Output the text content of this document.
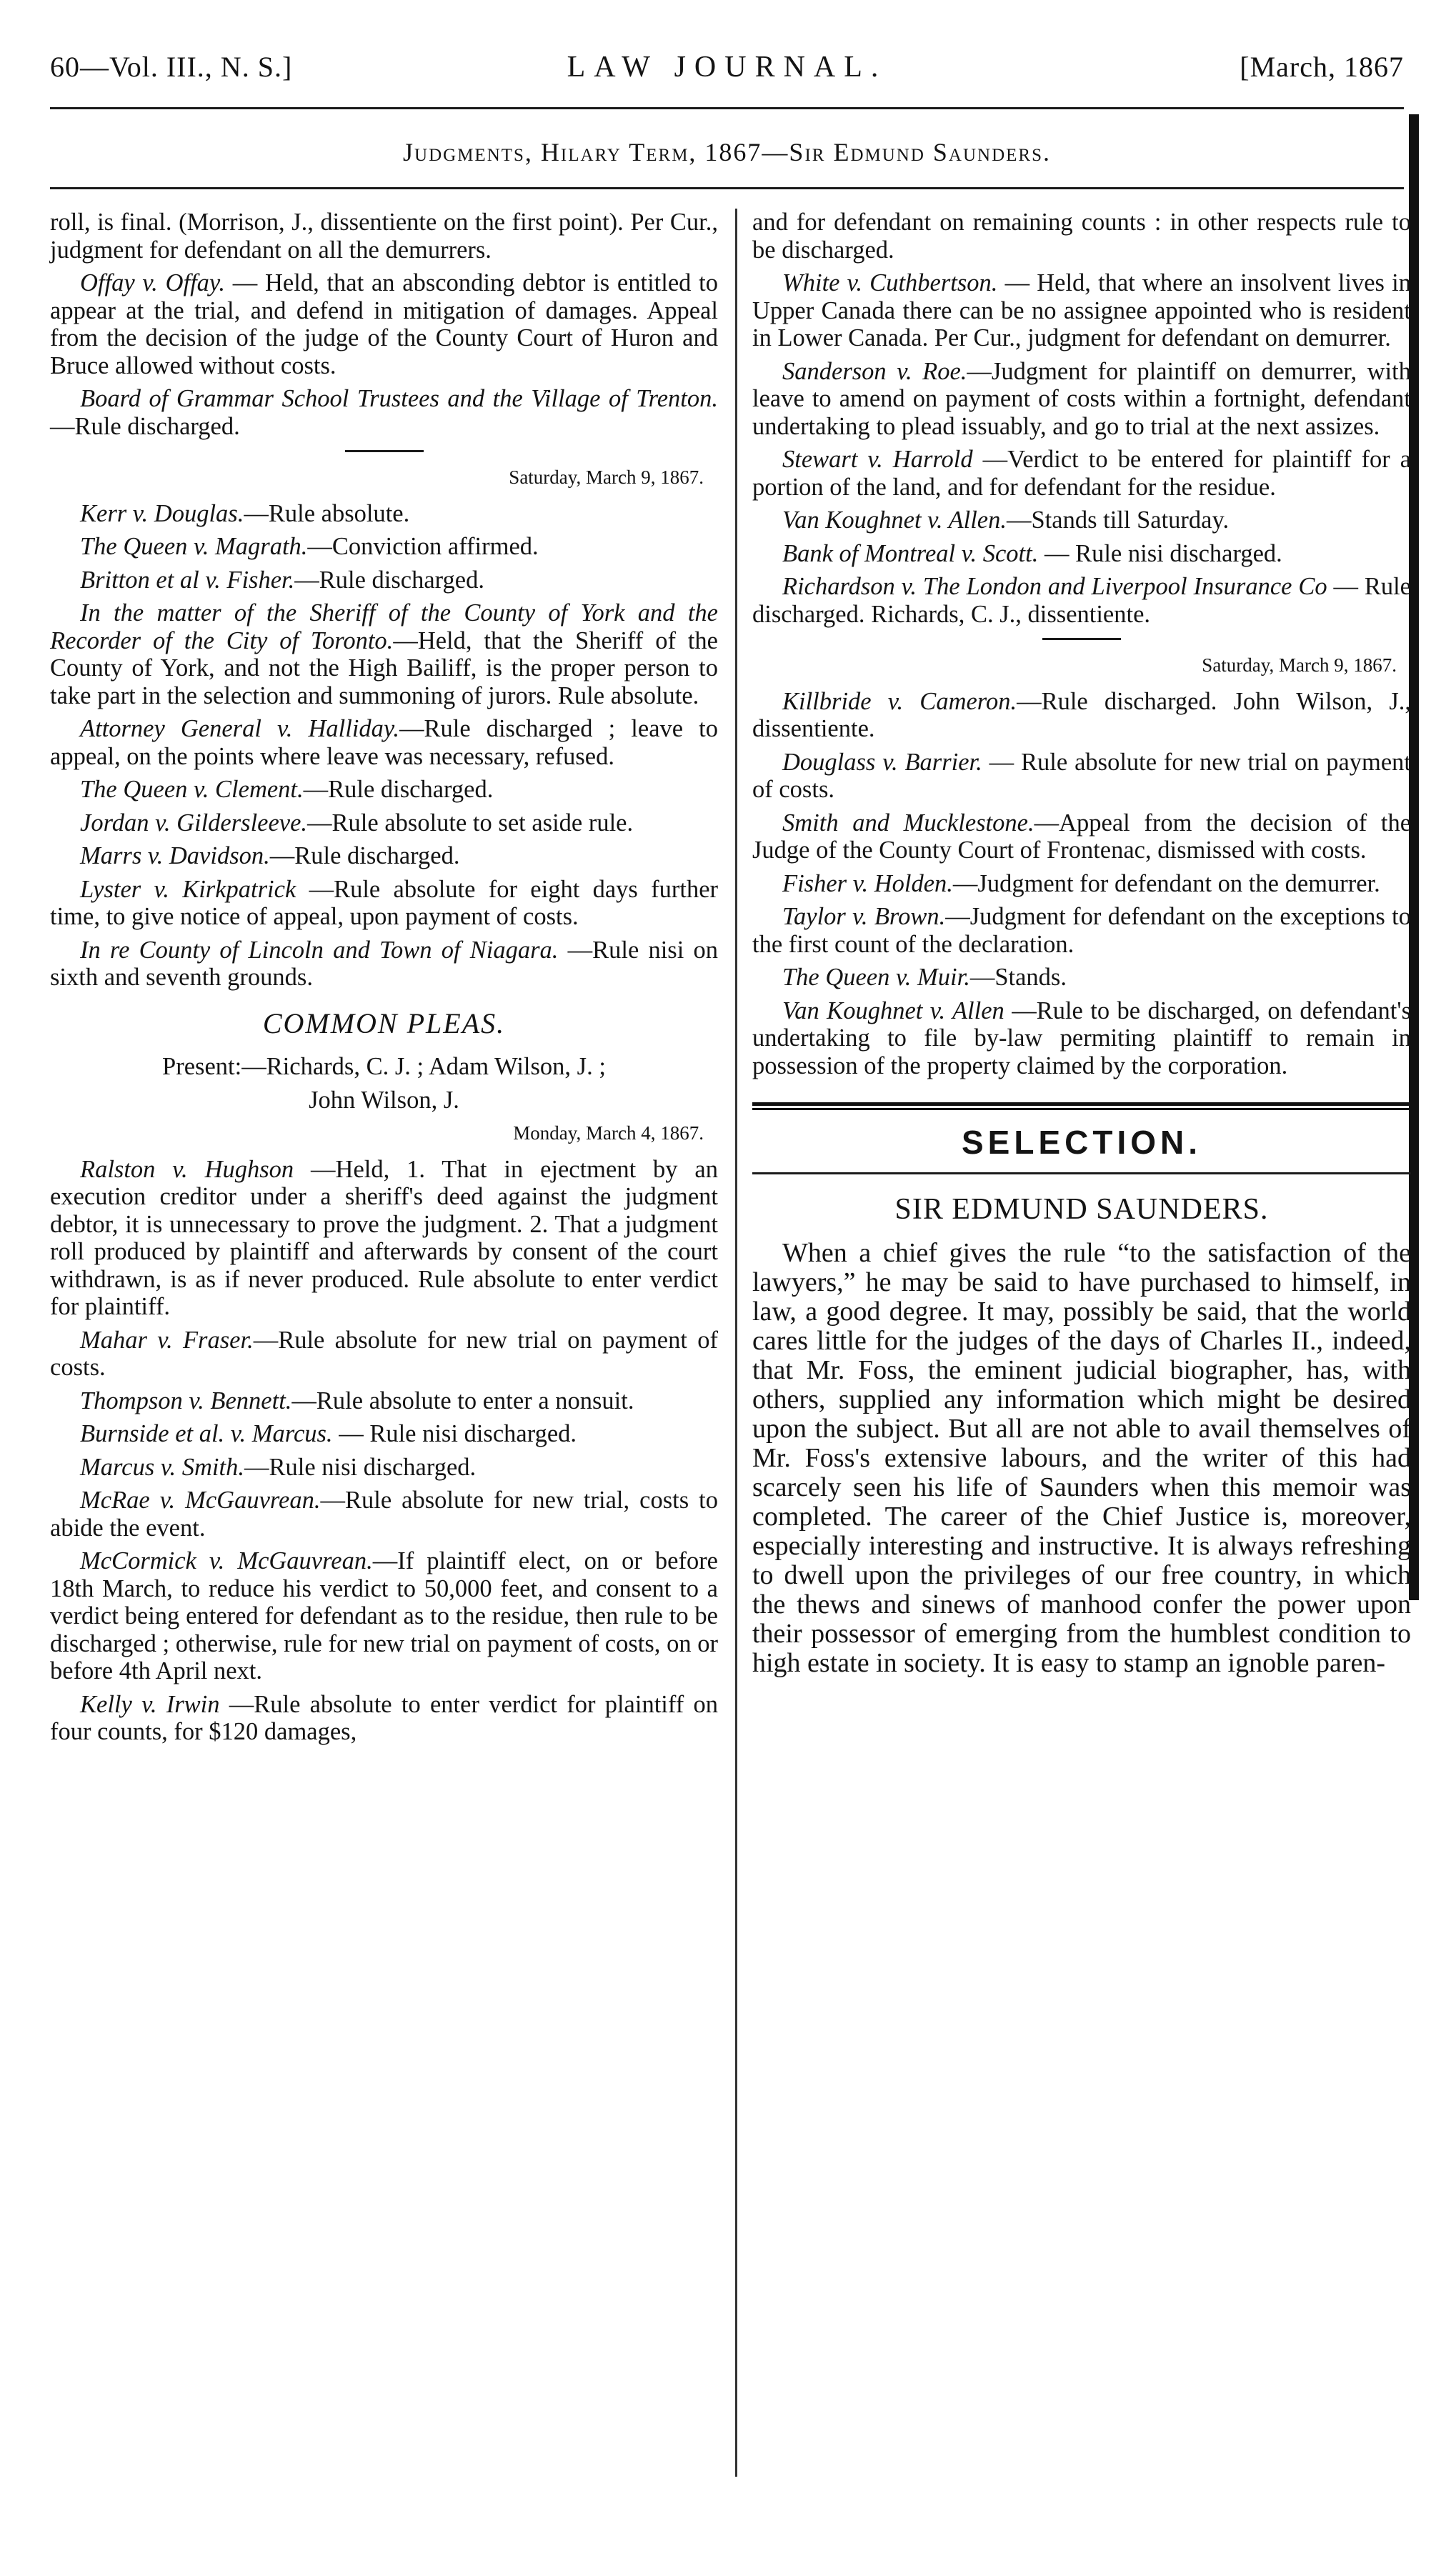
60—Vol. III., N. S.]	LAW JOURNAL.	[March, 1867
Judgments, Hilary Term, 1867—Sir Edmund Saunders.

roll, is final. (Morrison, J., dissentiente on the first point). Per Cur., judgment for defendant on all the demurrers.

Offay v. Offay. — Held, that an absconding debtor is entitled to appear at the trial, and defend in mitigation of damages. Appeal from the decision of the judge of the County Court of Huron and Bruce allowed without costs.

Board of Grammar School Trustees and the Village of Trenton.—Rule discharged.

Saturday, March 9, 1867.

Kerr v. Douglas.—Rule absolute.

The Queen v. Magrath.—Conviction affirmed.

Britton et al v. Fisher.—Rule discharged.

In the matter of the Sheriff of the County of York and the Recorder of the City of Toronto.—Held, that the Sheriff of the County of York, and not the High Bailiff, is the proper person to take part in the selection and summoning of jurors. Rule absolute.

Attorney General v. Halliday.—Rule discharged ; leave to appeal, on the points where leave was necessary, refused.

The Queen v. Clement.—Rule discharged.

Jordan v. Gildersleeve.—Rule absolute to set aside rule.

Marrs v. Davidson.—Rule discharged.

Lyster v. Kirkpatrick —Rule absolute for eight days further time, to give notice of appeal, upon payment of costs.

In re County of Lincoln and Town of Niagara. —Rule nisi on sixth and seventh grounds.

COMMON PLEAS.
Present:—Richards, C. J. ; Adam Wilson, J. ;
John Wilson, J.
Monday, March 4, 1867.

Ralston v. Hughson —Held, 1. That in ejectment by an execution creditor under a sheriff's deed against the judgment debtor, it is unnecessary to prove the judgment. 2. That a judgment roll produced by plaintiff and afterwards by consent of the court withdrawn, is as if never produced. Rule absolute to enter verdict for plaintiff.

Mahar v. Fraser.—Rule absolute for new trial on payment of costs.

Thompson v. Bennett.—Rule absolute to enter a nonsuit.

Burnside et al. v. Marcus. — Rule nisi discharged.

Marcus v. Smith.—Rule nisi discharged.

McRae v. McGauvrean.—Rule absolute for new trial, costs to abide the event.

McCormick v. McGauvrean.—If plaintiff elect, on or before 18th March, to reduce his verdict to 50,000 feet, and consent to a verdict being entered for defendant as to the residue, then rule to be discharged ; otherwise, rule for new trial on payment of costs, on or before 4th April next.

Kelly v. Irwin —Rule absolute to enter verdict for plaintiff on four counts, for $120 damages,

and for defendant on remaining counts : in other respects rule to be discharged.

White v. Cuthbertson. — Held, that where an insolvent lives in Upper Canada there can be no assignee appointed who is resident in Lower Canada. Per Cur., judgment for defendant on demurrer.

Sanderson v. Roe.—Judgment for plaintiff on demurrer, with leave to amend on payment of costs within a fortnight, defendant undertaking to plead issuably, and go to trial at the next assizes.

Stewart v. Harrold —Verdict to be entered for plaintiff for a portion of the land, and for defendant for the residue.

Van Koughnet v. Allen.—Stands till Saturday.

Bank of Montreal v. Scott. — Rule nisi discharged.

Richardson v. The London and Liverpool Insurance Co — Rule discharged. Richards, C. J., dissentiente.

Saturday, March 9, 1867.

Killbride v. Cameron.—Rule discharged. John Wilson, J., dissentiente.

Douglass v. Barrier. — Rule absolute for new trial on payment of costs.

Smith and Mucklestone.—Appeal from the decision of the Judge of the County Court of Frontenac, dismissed with costs.

Fisher v. Holden.—Judgment for defendant on the demurrer.

Taylor v. Brown.—Judgment for defendant on the exceptions to the first count of the declaration.

The Queen v. Muir.—Stands.

Van Koughnet v. Allen —Rule to be discharged, on defendant's undertaking to file by-law permiting plaintiff to remain in possession of the property claimed by the corporation.

SELECTION.
SIR EDMUND SAUNDERS.

When a chief gives the rule “to the satisfaction of the lawyers,” he may be said to have purchased to himself, in law, a good degree. It may, possibly be said, that the world cares little for the judges of the days of Charles II., indeed, that Mr. Foss, the eminent judicial biographer, has, with others, supplied any information which might be desired upon the subject. But all are not able to avail themselves of Mr. Foss's extensive labours, and the writer of this had scarcely seen his life of Saunders when this memoir was completed. The career of the Chief Justice is, moreover, especially interesting and instructive. It is always refreshing to dwell upon the privileges of our free country, in which the thews and sinews of manhood confer the power upon their possessor of emerging from the humblest condition to high estate in society. It is easy to stamp an ignoble paren-
